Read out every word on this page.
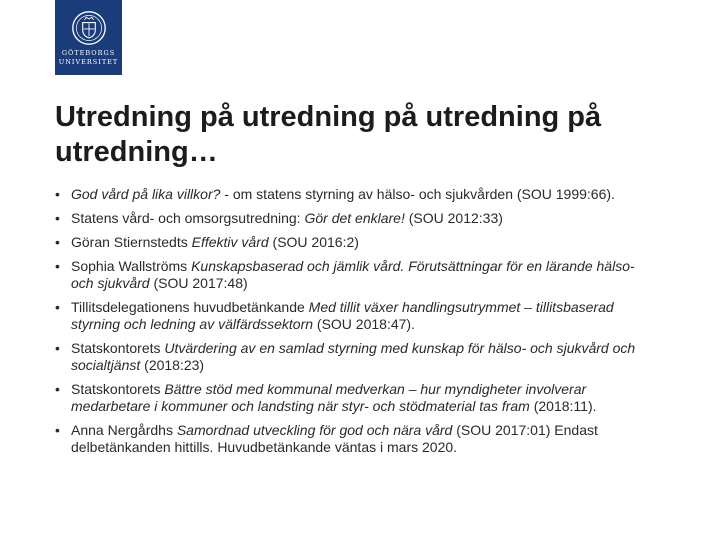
GÖTEBORGS
UNIVERSITET
Utredning på utredning på utredning på utredning…
• God vård på lika villkor? - om statens styrning av hälso- och sjukvården (SOU 1999:66).
• Statens vård- och omsorgsutredning: Gör det enklare! (SOU 2012:33)
• Göran Stiernstedts Effektiv vård (SOU 2016:2)
• Sophia Wallströms Kunskapsbaserad och jämlik vård. Förutsättningar för en lärande hälso- och sjukvård (SOU 2017:48)
• Tillitsdelegationens huvudbetänkande Med tillit växer handlingsutrymmet – tillitsbaserad styrning och ledning av välfärdssektorn (SOU 2018:47).
• Statskontorets Utvärdering av en samlad styrning med kunskap för hälso- och sjukvård och socialtjänst (2018:23)
• Statskontorets Bättre stöd med kommunal medverkan – hur myndigheter involverar medarbetare i kommuner och landsting när styr- och stödmaterial tas fram (2018:11).
• Anna Nergårdhs Samordnad utveckling för god och nära vård (SOU 2017:01) Endast delbetänkanden hittills. Huvudbetänkande väntas i mars 2020.
